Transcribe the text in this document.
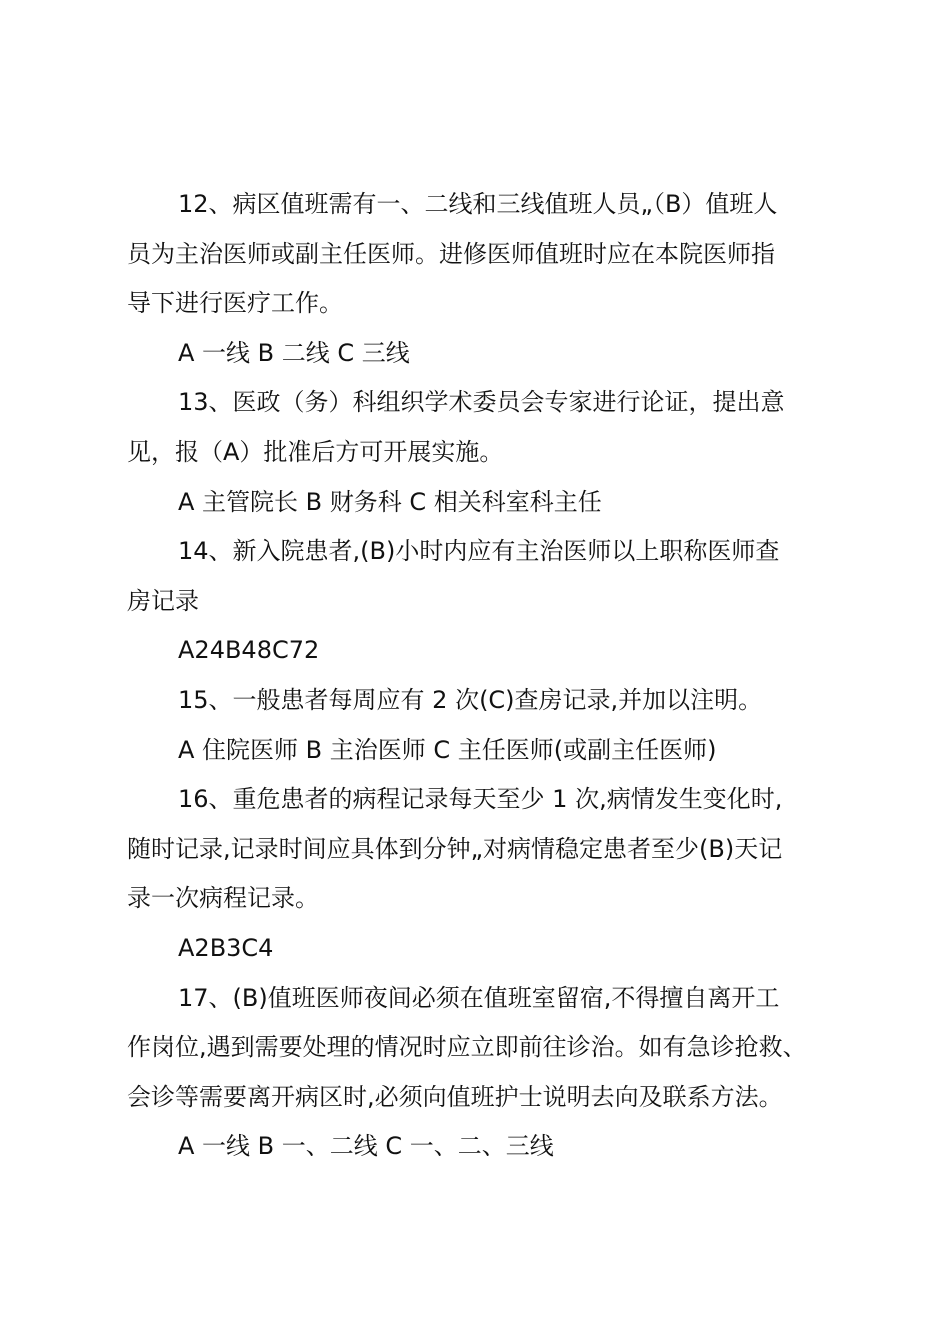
12、病区值班需有一、二线和三线值班人员„（B）值班人
员为主治医师或副主任医师。进修医师值班时应在本院医师指
导下进行医疗工作。
A 一线 B 二线 C 三线
13、医政（务）科组织学术委员会专家进行论证，提出意
见，报（A）批准后方可开展实施。
A 主管院长 B 财务科 C 相关科室科主任
14、新入院患者,(B)小时内应有主治医师以上职称医师查
房记录
A24B48C72
15、一般患者每周应有 2 次(C)查房记录,并加以注明。
A 住院医师 B 主治医师 C 主任医师(或副主任医师)
16、重危患者的病程记录每天至少 1 次,病情发生变化时,
随时记录,记录时间应具体到分钟„对病情稳定患者至少(B)天记
录一次病程记录。
A2B3C4
17、(B)值班医师夜间必须在值班室留宿,不得擅自离开工
作岗位,遇到需要处理的情况时应立即前往诊治。如有急诊抢救、
会诊等需要离开病区时,必须向值班护士说明去向及联系方法。
A 一线 B 一、二线 C 一、二、三线
